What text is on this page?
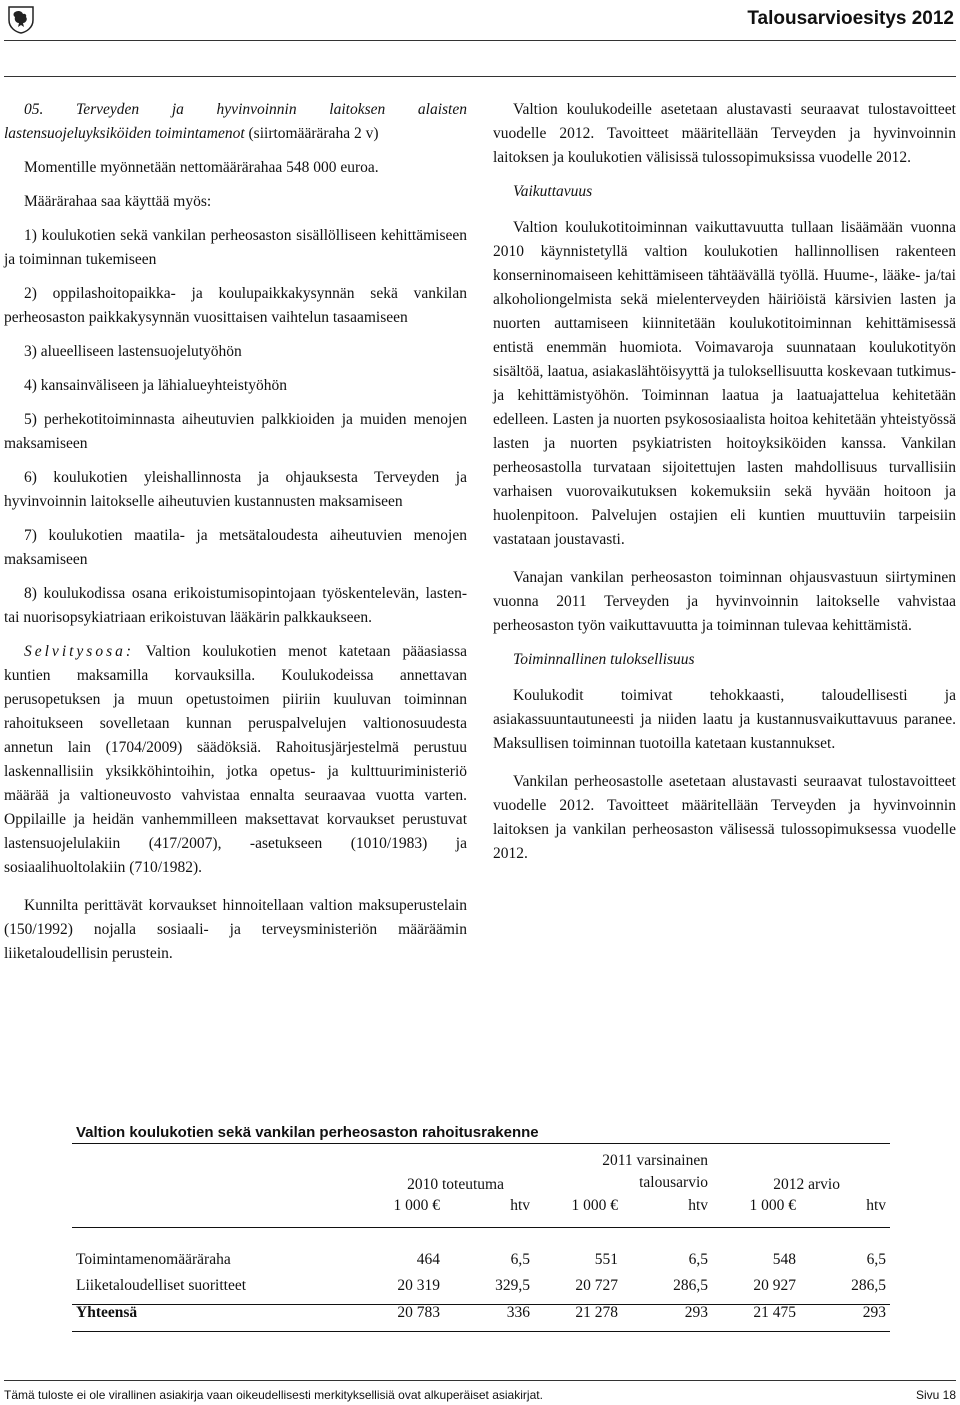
Talousarvioesitys 2012

05. Terveyden ja hyvinvoinnin laitoksen alaisten lastensuojeluyksiköiden toimintamenot (siirtomääräraha 2 v)

Momentille myönnetään nettomäärärahaa 548 000 euroa.

Määrärahaa saa käyttää myös:

1) koulukotien sekä vankilan perheosaston sisällölliseen kehittämiseen ja toiminnan tukemiseen

2) oppilashoitopaikka- ja koulupaikkakysynnän sekä vankilan perheosaston paikkakysynnän vuosittaisen vaihtelun tasaamiseen

3) alueelliseen lastensuojelutyöhön

4) kansainväliseen ja lähialueyhteistyöhön

5) perhekotitoiminnasta aiheutuvien palkkioiden ja muiden menojen maksamiseen

6) koulukotien yleishallinnosta ja ohjauksesta Terveyden ja hyvinvoinnin laitokselle aiheutuvien kustannusten maksamiseen

7) koulukotien maatila- ja metsätaloudesta aiheutuvien menojen maksamiseen

8) koulukodissa osana erikoistumisopintojaan työskentelevän, lasten- tai nuorisopsykiatriaan erikoistuvan lääkärin palkkaukseen.

Selvitysosa: Valtion koulukotien menot katetaan pääasiassa kuntien maksamilla korvauksilla. Koulukodeissa annettavan perusopetuksen ja muun opetustoimen piiriin kuuluvan toiminnan rahoitukseen sovelletaan kunnan peruspalvelujen valtionosuudesta annetun lain (1704/2009) säädöksiä. Rahoitusjärjestelmä perustuu laskennallisiin yksikköhintoihin, jotka opetus- ja kulttuuriministeriö määrää ja valtioneuvosto vahvistaa ennalta seuraavaa vuotta varten. Oppilaille ja heidän vanhemmilleen maksettavat korvaukset perustuvat lastensuojelulakiin (417/2007), -asetukseen (1010/1983) ja sosiaalihuoltolakiin (710/1982).

Kunnilta perittävät korvaukset hinnoitellaan valtion maksuperustelain (150/1992) nojalla sosiaali- ja terveysministeriön määräämin liiketaloudellisin perustein.

Valtion koulukodeille asetetaan alustavasti seuraavat tulostavoitteet vuodelle 2012. Tavoitteet määritellään Terveyden ja hyvinvoinnin laitoksen ja koulukotien välisissä tulossopimuksissa vuodelle 2012.

Vaikuttavuus

Valtion koulukotitoiminnan vaikuttavuutta tullaan lisäämään vuonna 2010 käynnistetyllä valtion koulukotien hallinnollisen rakenteen konserninomaiseen kehittämiseen tähtäävällä työllä. Huume-, lääke- ja/tai alkoholiongelmista sekä mielenterveyden häiriöistä kärsivien lasten ja nuorten auttamiseen kiinnitetään koulukotitoiminnan kehittämisessä entistä enemmän huomiota. Voimavaroja suunnataan koulukotityön sisältöä, laatua, asiakaslähtöisyyttä ja tuloksellisuutta koskevaan tutkimus- ja kehittämistyöhön. Toiminnan laatua ja laatuajattelua kehitetään edelleen. Lasten ja nuorten psykososiaalista hoitoa kehitetään yhteistyössä lasten ja nuorten psykiatristen hoitoyksiköiden kanssa. Vankilan perheosastolla turvataan sijoitettujen lasten mahdollisuus turvallisiin varhaisen vuorovaikutuksen kokemuksiin sekä hyvään hoitoon ja huolenpitoon. Palvelujen ostajien eli kuntien muuttuviin tarpeisiin vastataan joustavasti.

Vanajan vankilan perheosaston toiminnan ohjausvastuun siirtyminen vuonna 2011 Terveyden ja hyvinvoinnin laitokselle vahvistaa perheosaston työn vaikuttavuutta ja toiminnan tulevaa kehittämistä.

Toiminnallinen tuloksellisuus

Koulukodit toimivat tehokkaasti, taloudellisesti ja asiakassuuntautuneesti ja niiden laatu ja kustannusvaikuttavuus paranee. Maksullisen toiminnan tuotoilla katetaan kustannukset.

Vankilan perheosastolle asetetaan alustavasti seuraavat tulostavoitteet vuodelle 2012. Tavoitteet määritellään Terveyden ja hyvinvoinnin laitoksen ja vankilan perheosaston välisessä tulossopimuksessa vuodelle 2012.

Valtion koulukotien sekä vankilan perheosaston rahoitusrakenne
	2010 toteutuma		2011 varsinainen
talousarvio		2012 arvio	
	1 000 €	htv	1 000 €	htv	1 000 €	htv

Toimintamenomääräraha	464	6,5	551	6,5	548	6,5
Liiketaloudelliset suoritteet	20 319	329,5	20 727	286,5	20 927	286,5
Yhteensä	20 783	336	21 278	293	21 475	293
Tämä tuloste ei ole virallinen asiakirja vaan oikeudellisesti merkityksellisiä ovat alkuperäiset asiakirjat.	Sivu 18
